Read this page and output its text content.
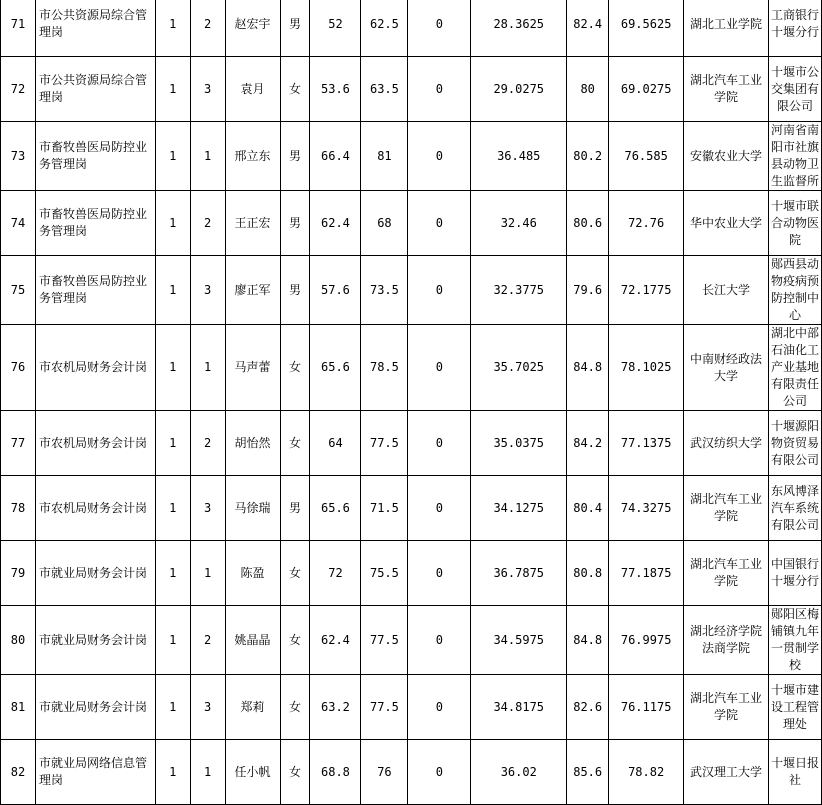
71	市公共资源局综合管理岗	1	2	赵宏宇	男	52	62.5	0	28.3625	82.4	69.5625	湖北工业学院	工商银行十堰分行
72	市公共资源局综合管理岗	1	3	袁月	女	53.6	63.5	0	29.0275	80	69.0275	湖北汽车工业学院	十堰市公交集团有限公司
73	市畜牧兽医局防控业务管理岗	1	1	邢立东	男	66.4	81	0	36.485	80.2	76.585	安徽农业大学	河南省南阳市社旗县动物卫生监督所
74	市畜牧兽医局防控业务管理岗	1	2	王正宏	男	62.4	68	0	32.46	80.6	72.76	华中农业大学	十堰市联合动物医院
75	市畜牧兽医局防控业务管理岗	1	3	廖正军	男	57.6	73.5	0	32.3775	79.6	72.1775	长江大学	郧西县动物疫病预防控制中心
76	市农机局财务会计岗	1	1	马声蕾	女	65.6	78.5	0	35.7025	84.8	78.1025	中南财经政法大学	湖北中部石油化工产业基地有限责任公司
77	市农机局财务会计岗	1	2	胡怡然	女	64	77.5	0	35.0375	84.2	77.1375	武汉纺织大学	十堰源阳物资贸易有限公司
78	市农机局财务会计岗	1	3	马徐瑞	男	65.6	71.5	0	34.1275	80.4	74.3275	湖北汽车工业学院	东风博泽汽车系统有限公司
79	市就业局财务会计岗	1	1	陈盈	女	72	75.5	0	36.7875	80.8	77.1875	湖北汽车工业学院	中国银行十堰分行
80	市就业局财务会计岗	1	2	姚晶晶	女	62.4	77.5	0	34.5975	84.8	76.9975	湖北经济学院法商学院	郧阳区梅铺镇九年一贯制学校
81	市就业局财务会计岗	1	3	郑莉	女	63.2	77.5	0	34.8175	82.6	76.1175	湖北汽车工业学院	十堰市建设工程管理处
82	市就业局网络信息管理岗	1	1	任小帆	女	68.8	76	0	36.02	85.6	78.82	武汉理工大学	十堰日报社
